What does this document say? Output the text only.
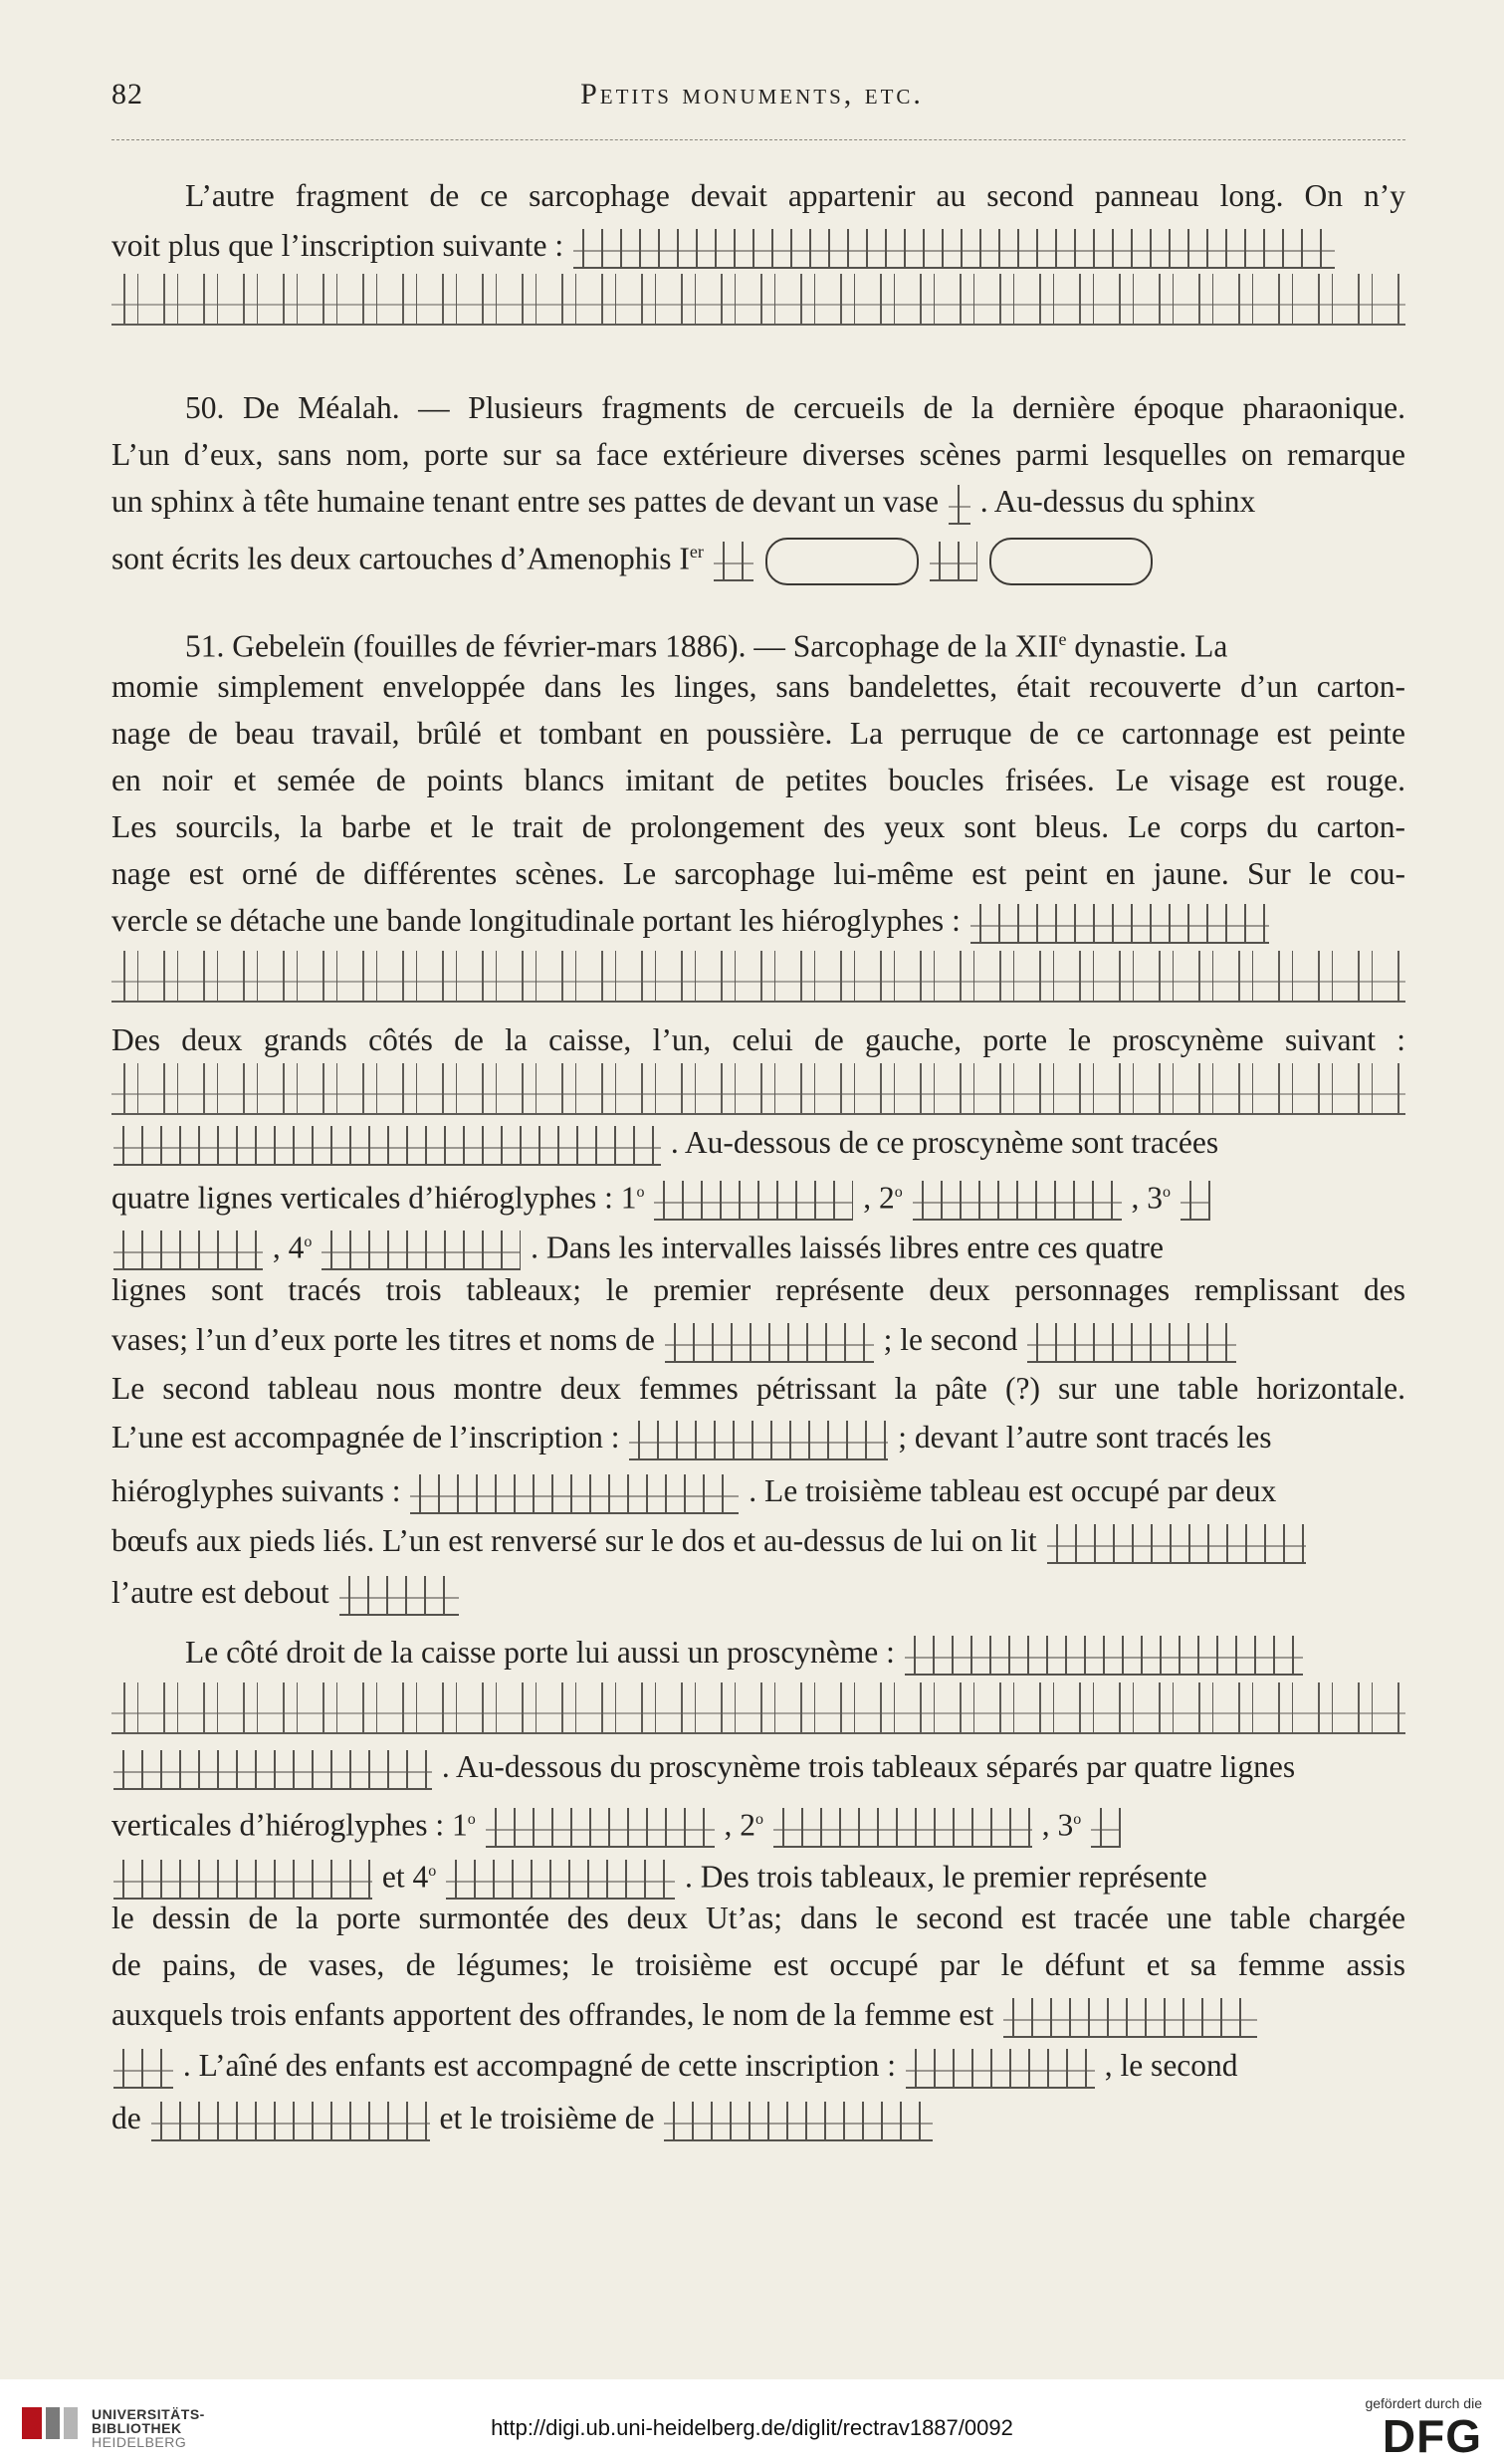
82	Petits monuments, etc.
L’autre fragment de ce sarcophage devait appartenir au second panneau long. On n’y
voit plus que l’inscription suivante :
50. De Méalah. — Plusieurs fragments de cercueils de la dernière époque pharaonique.
L’un d’eux, sans nom, porte sur sa face extérieure diverses scènes parmi lesquelles on remarque
un sphinx à tête humaine tenant entre ses pattes de devant un vase . Au-dessus du sphinx
sont écrits les deux cartouches d’Amenophis Ier
51. Gebeleïn (fouilles de février-mars 1886). — Sarcophage de la XIIe dynastie. La
momie simplement enveloppée dans les linges, sans bandelettes, était recouverte d’un carton-
nage de beau travail, brûlé et tombant en poussière. La perruque de ce cartonnage est peinte
en noir et semée de points blancs imitant de petites boucles frisées. Le visage est rouge.
Les sourcils, la barbe et le trait de prolongement des yeux sont bleus. Le corps du carton-
nage est orné de différentes scènes. Le sarcophage lui-même est peint en jaune. Sur le cou-
vercle se détache une bande longitudinale portant les hiéroglyphes :
Des deux grands côtés de la caisse, l’un, celui de gauche, porte le proscynème suivant :
. Au-dessous de ce proscynème sont tracées
quatre lignes verticales d’hiéroglyphes : 1$^o$	, 2$^o$	, 3$^o$
, 4$^o$	. Dans les intervalles laissés libres entre ces quatre
lignes sont tracés trois tableaux; le premier représente deux personnages remplissant des
vases; l’un d’eux porte les titres et noms de	; le second
Le second tableau nous montre deux femmes pétrissant la pâte (?) sur une table horizontale.
L’une est accompagnée de l’inscription :	; devant l’autre sont tracés les
hiéroglyphes suivants :	. Le troisième tableau est occupé par deux
bœufs aux pieds liés. L’un est renversé sur le dos et au-dessus de lui on lit
l’autre est debout
Le côté droit de la caisse porte lui aussi un proscynème :
. Au-dessous du proscynème trois tableaux séparés par quatre lignes
verticales d’hiéroglyphes : 1$^o$	, 2$^o$	, 3$^o$
et 4$^o$	. Des trois tableaux, le premier représente
le dessin de la porte surmontée des deux Ut’as; dans le second est tracée une table chargée
de pains, de vases, de légumes; le troisième est occupé par le défunt et sa femme assis
auxquels trois enfants apportent des offrandes, le nom de la femme est
. L’aîné des enfants est accompagné de cette inscription :	, le second
de	et le troisième de
UNIVERSITÄTS-
BIBLIOTHEK
HEIDELBERG
http://digi.ub.uni-heidelberg.de/diglit/rectrav1887/0092
gefördert durch die
DFG
